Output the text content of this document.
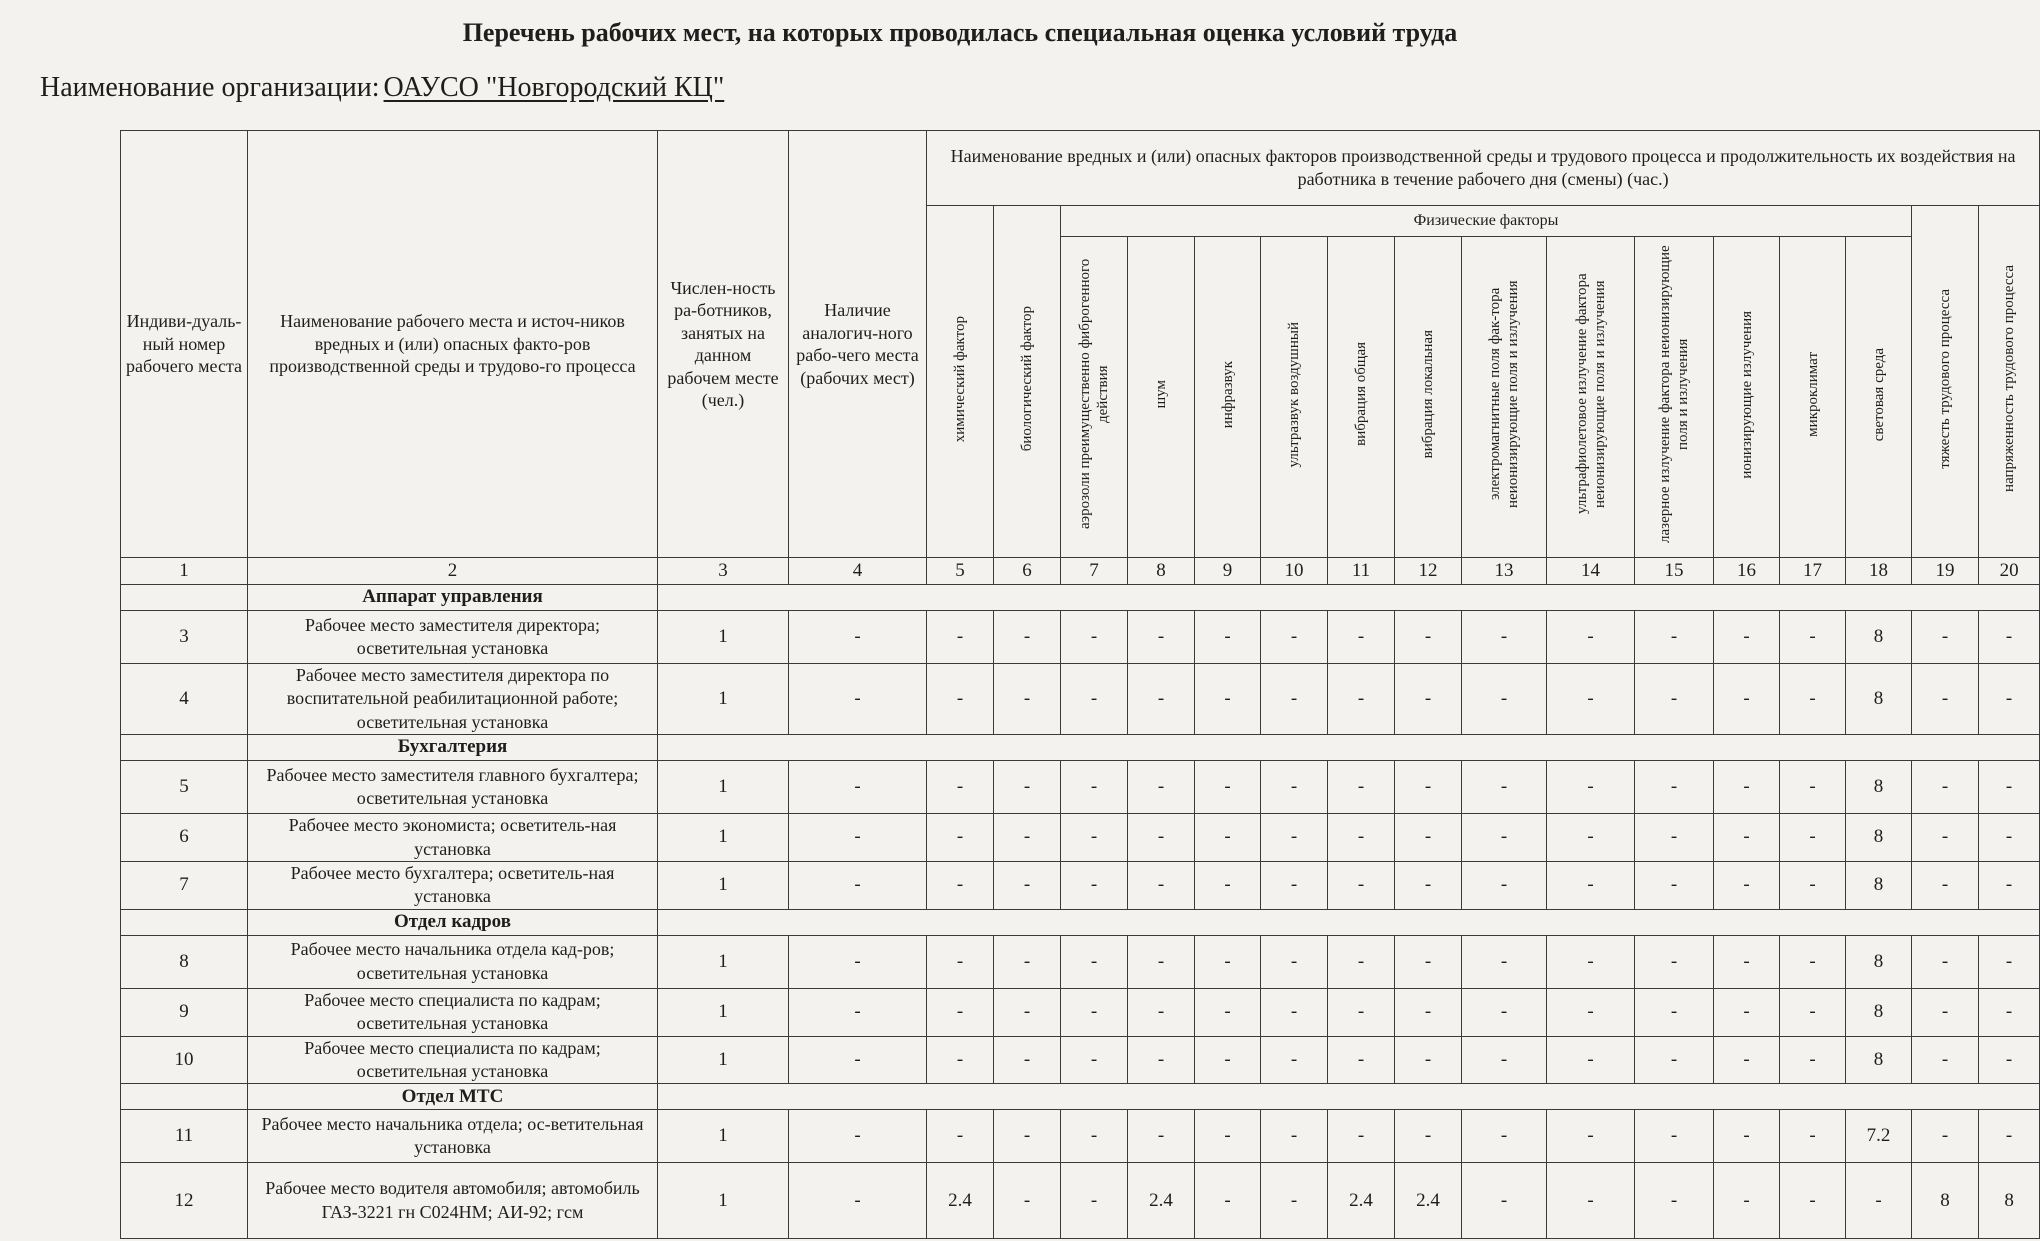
Перечень рабочих мест, на которых проводилась специальная оценка условий труда
Наименование организации: ОАУСО "Новгородский КЦ"
Индиви-дуаль-ный номер рабочего места	Наименование рабочего места и источ-ников вредных и (или) опасных факто-ров производственной среды и трудово-го процесса	Числен-ность ра-ботников, занятых на данном рабочем месте (чел.)	Наличие аналогич-ного рабо-чего места (рабочих мест)	Наименование вредных и (или) опасных факторов производственной среды и трудового процесса и продолжительность их воздействия на работника в течение рабочего дня (смены) (час.)															
				химический фактор	биологический фактор	Физические факторы												тяжесть трудового процесса	напряженность трудового процесса
						аэрозоли преимущественно фиброгенного действия	шум	инфразвук	ультразвук воздушный	вибрация общая	вибрация локальная	электромагнитные поля фак-тора неионизирующие поля и излучения	ультрафиолетовое излучение фактора неионизирующие поля и излучения	лазерное излучение фактора неионизирующие поля и излучения	ионизирующие излучения	микроклимат	световая среда		
1	2	3	4	5	6	7	8	9	10	11	12	13	14	15	16	17	18	19	20
	Аппарат управления																		
3	Рабочее место заместителя директора; осветительная установка	1	-	-	-	-	-	-	-	-	-	-	-	-	-	-	8	-	-
4	Рабочее место заместителя директора по воспитательной реабилитационной работе; осветительная установка	1	-	-	-	-	-	-	-	-	-	-	-	-	-	-	8	-	-
	Бухгалтерия																		
5	Рабочее место заместителя главного бухгалтера; осветительная установка	1	-	-	-	-	-	-	-	-	-	-	-	-	-	-	8	-	-
6	Рабочее место экономиста; осветитель-ная установка	1	-	-	-	-	-	-	-	-	-	-	-	-	-	-	8	-	-
7	Рабочее место бухгалтера; осветитель-ная установка	1	-	-	-	-	-	-	-	-	-	-	-	-	-	-	8	-	-
	Отдел кадров																		
8	Рабочее место начальника отдела кад-ров; осветительная установка	1	-	-	-	-	-	-	-	-	-	-	-	-	-	-	8	-	-
9	Рабочее место специалиста по кадрам; осветительная установка	1	-	-	-	-	-	-	-	-	-	-	-	-	-	-	8	-	-
10	Рабочее место специалиста по кадрам; осветительная установка	1	-	-	-	-	-	-	-	-	-	-	-	-	-	-	8	-	-
	Отдел МТС																		
11	Рабочее место начальника отдела; ос-ветительная установка	1	-	-	-	-	-	-	-	-	-	-	-	-	-	-	7.2	-	-
12	Рабочее место водителя автомобиля; автомобиль ГАЗ-3221 гн С024НМ; АИ-92; гсм	1	-	2.4	-	-	2.4	-	-	2.4	2.4	-	-	-	-	-	-	8	8
